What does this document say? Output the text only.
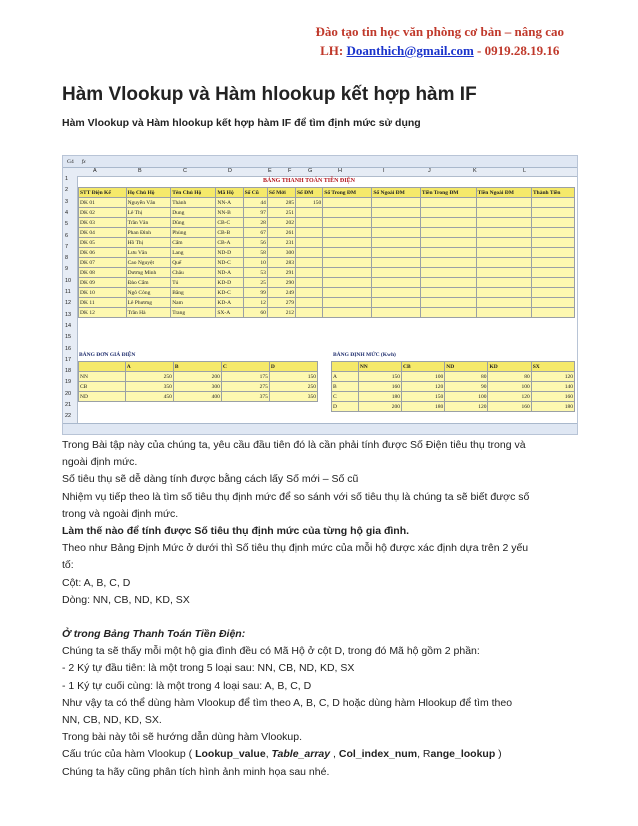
Đào tạo tin học văn phòng cơ bản – nâng cao
LH: Doanthich@gmail.com - 0919.28.19.16
Hàm Vlookup và Hàm hlookup kết hợp hàm IF
Hàm Vlookup và Hàm hlookup kết hợp hàm IF để tìm định mức sử dụng
G4 fx
A	B	C	D	E	F	G	H	I	J	K	L
1
2
3
4
5
6
7
8
9
10
11
12
13
14
15
16
17
18
19
20
21
22
BẢNG THANH TOÁN TIỀN ĐIỆN
STT Điện Kế	Họ Chủ Hộ	Tên Chủ Hộ	Mã Hộ	Số Cũ	Số Mới	Số ĐM	Số Trong ĐM	Số Ngoài ĐM	Tiền Trong ĐM	Tiền Ngoài ĐM	Thành Tiền
DK 01	Nguyễn Văn	Thành	NN-A	44	285	150					
DK 02	Lê Thị	Dung	NN-B	97	251						
DK 03	Trần Văn	Dũng	CB-C	28	202						
DK 04	Phan Đình	Phùng	CB-B	67	261						
DK 05	Hồ Thị	Cẩm	CB-A	56	231						
DK 06	Lưu Văn	Lang	ND-D	58	300						
DK 07	Cao Nguyệt	Quế	ND-C	10	283						
DK 08	Dương Minh	Châu	ND-A	53	291						
DK 09	Đào Cẩm	Tú	KD-D	25	290						
DK 10	Ngô Công	Bằng	KD-C	99	249						
DK 11	Lê Phương	Nam	KD-A	12	279						
DK 12	Trần Hà	Trang	SX-A	60	212						
BẢNG ĐƠN GIÁ ĐIỆN
	A	B	C	D
NN	250	200	175	150
CB	350	300	275	250
ND	450	400	375	350
BẢNG ĐỊNH MỨC (Kwh)
	NN	CB	ND	KD	SX
A	150	100	80	80	120
B	160	120	90	100	140
C	180	150	100	120	160
D	200	180	120	160	180

Trong Bài tập này của chúng ta, yêu cầu đầu tiên đó là cần phải tính được Số Điện tiêu thụ trong và
ngoài định mức.

Số tiêu thụ sẽ dễ dàng tính được bằng cách lấy Số mới – Số cũ

Nhiệm vụ tiếp theo là tìm số tiêu thụ định mức để so sánh với số tiêu thụ là chúng ta sẽ biết được số
trong và ngoài định mức.

Làm thế nào để tính được Số tiêu thụ định mức của từng hộ gia đình.

Theo như Bảng Định Mức ở dưới thì Số tiêu thụ định mức của mỗi hộ được xác định dựa trên 2 yếu
tố:

Cột: A, B, C, D

Dòng: NN, CB, ND, KD, SX

Ở trong Bảng Thanh Toán Tiền Điện:

Chúng ta sẽ thấy mỗi một hộ gia đình đều có Mã Hộ ở cột D, trong đó Mã hộ gồm 2 phần:

- 2 Ký tự đầu tiên: là một trong 5 loại sau: NN, CB, ND, KD, SX

- 1 Ký tự cuối cùng: là một trong 4 loại sau: A, B, C, D

Như vậy ta có thể dùng hàm Vlookup để tìm theo A, B, C, D hoặc dùng hàm Hlookup để tìm theo
NN, CB, ND, KD, SX.

Trong bài này tôi sẽ hướng dẫn dùng hàm Vlookup.

Cấu trúc của hàm Vlookup ( Lookup_value, Table_array , Col_index_num, Range_lookup )

Chúng ta hãy cũng phân tích hình ảnh minh họa sau nhé.
